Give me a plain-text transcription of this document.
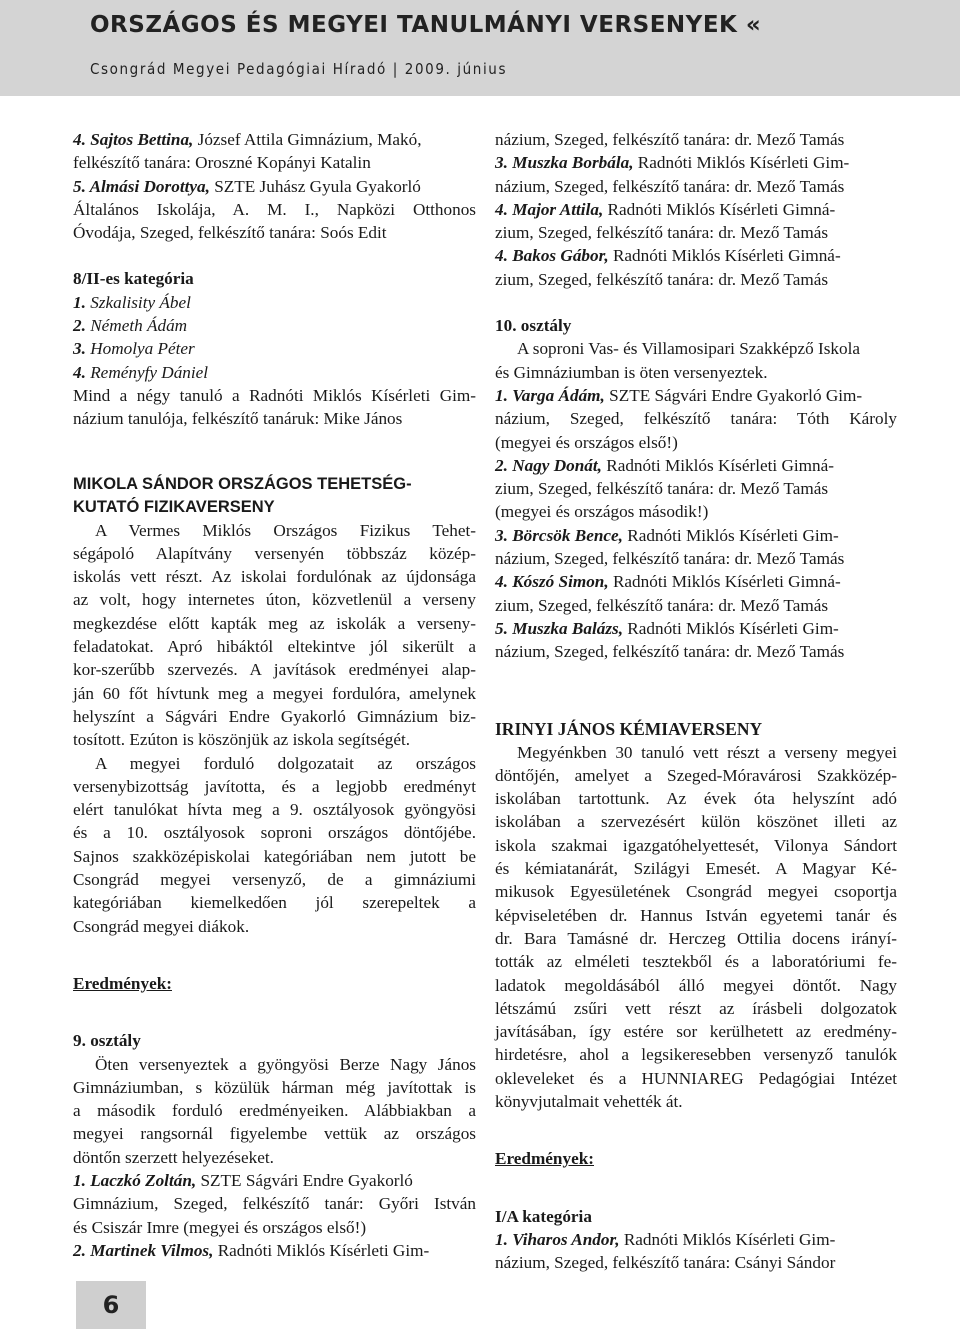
ORSZÁGOS ÉS MEGYEI TANULMÁNYI VERSENYEK «
Csongrád Megyei Pedagógiai Híradó | 2009. június
4. Sajtos Bettina, József Attila Gimnázium, Makó,
felkészítő tanára: Oroszné Kopányi Katalin
5. Almási Dorottya, SZTE Juhász Gyula Gyakorló
Általános Iskolája, A. M. I., Napközi Otthonos
Óvodája, Szeged, felkészítő tanára: Soós Edit
8/II-es kategória
1. Szkalisity Ábel
2. Németh Ádám
3. Homolya Péter
4. Reményfy Dániel
Mind a négy tanuló a Radnóti Miklós Kísérleti Gim-
názium tanulója, felkészítő tanáruk: Mike János
MIKOLA SÁNDOR ORSZÁGOS TEHETSÉG-
KUTATÓ FIZIKAVERSENY
A Vermes Miklós Országos Fizikus Tehet-
ségápoló Alapítvány versenyén többszáz közép-
iskolás vett részt. Az iskolai fordulónak az újdonsága
az volt, hogy internetes úton, közvetlenül a verseny
megkezdése előtt kapták meg az iskolák a verseny-
feladatokat. Apró hibáktól eltekintve jól sikerült a
kor-szerűbb szervezés. A javítások eredményei alap-
ján 60 főt hívtunk meg a megyei fordulóra, amelynek
helyszínt a Ságvári Endre Gyakorló Gimnázium biz-
tosított. Ezúton is köszönjük az iskola segítségét.
A megyei forduló dolgozatait az országos
versenybizottság javította, és a legjobb eredményt
elért tanulókat hívta meg a 9. osztályosok gyöngyösi
és a 10. osztályosok soproni országos döntőjébe.
Sajnos szakközépiskolai kategóriában nem jutott be
Csongrád megyei versenyző, de a gimnáziumi
kategóriában kiemelkedően jól szerepeltek a
Csongrád megyei diákok.
Eredmények:
9. osztály
Öten versenyeztek a gyöngyösi Berze Nagy János
Gimnáziumban, s közülük hárman még javítottak is
a második forduló eredményeiken. Alábbiakban a
megyei rangsornál figyelembe vettük az országos
döntőn szerzett helyezéseket.
1. Laczkó Zoltán, SZTE Ságvári Endre Gyakorló
Gimnázium, Szeged, felkészítő tanár: Győri István
és Csiszár Imre (megyei és országos első!)
2. Martinek Vilmos, Radnóti Miklós Kísérleti Gim-
názium, Szeged, felkészítő tanára: dr. Mező Tamás
3. Muszka Borbála, Radnóti Miklós Kísérleti Gim-
názium, Szeged, felkészítő tanára: dr. Mező Tamás
4. Major Attila, Radnóti Miklós Kísérleti Gimná-
zium, Szeged, felkészítő tanára: dr. Mező Tamás
4. Bakos Gábor, Radnóti Miklós Kísérleti Gimná-
zium, Szeged, felkészítő tanára: dr. Mező Tamás
10. osztály
A soproni Vas- és Villamosipari Szakképző Iskola
és Gimnáziumban is öten versenyeztek.
1. Varga Ádám, SZTE Ságvári Endre Gyakorló Gim-
názium, Szeged, felkészítő tanára: Tóth Károly
(megyei és országos első!)
2. Nagy Donát, Radnóti Miklós Kísérleti Gimná-
zium, Szeged, felkészítő tanára: dr. Mező Tamás
(megyei és országos második!)
3. Börcsök Bence, Radnóti Miklós Kísérleti Gim-
názium, Szeged, felkészítő tanára: dr. Mező Tamás
4. Kószó Simon, Radnóti Miklós Kísérleti Gimná-
zium, Szeged, felkészítő tanára: dr. Mező Tamás
5. Muszka Balázs, Radnóti Miklós Kísérleti Gim-
názium, Szeged, felkészítő tanára: dr. Mező Tamás
IRINYI JÁNOS KÉMIAVERSENY
Megyénkben 30 tanuló vett részt a verseny megyei
döntőjén, amelyet a Szeged-Móravárosi Szakközép-
iskolában tartottunk. Az évek óta helyszínt adó
iskolában a szervezésért külön köszönet illeti az
iskola szakmai igazgatóhelyettesét, Vilonya Sándort
és kémiatanárát, Szilágyi Emesét. A Magyar Ké-
mikusok Egyesületének Csongrád megyei csoportja
képviseletében dr. Hannus István egyetemi tanár és
dr. Bara Tamásné dr. Herczeg Ottilia docens irányí-
tották az elméleti tesztekből és a laboratóriumi fe-
ladatok megoldásából álló megyei döntőt. Nagy
létszámú zsűri vett részt az írásbeli dolgozatok
javításában, így estére sor kerülhetett az eredmény-
hirdetésre, ahol a legsikeresebben versenyző tanulók
okleveleket és a HUNNIAREG Pedagógiai Intézet
könyvjutalmait vehették át.
Eredmények:
I/A kategória
1. Viharos Andor, Radnóti Miklós Kísérleti Gim-
názium, Szeged, felkészítő tanára: Csányi Sándor
6
